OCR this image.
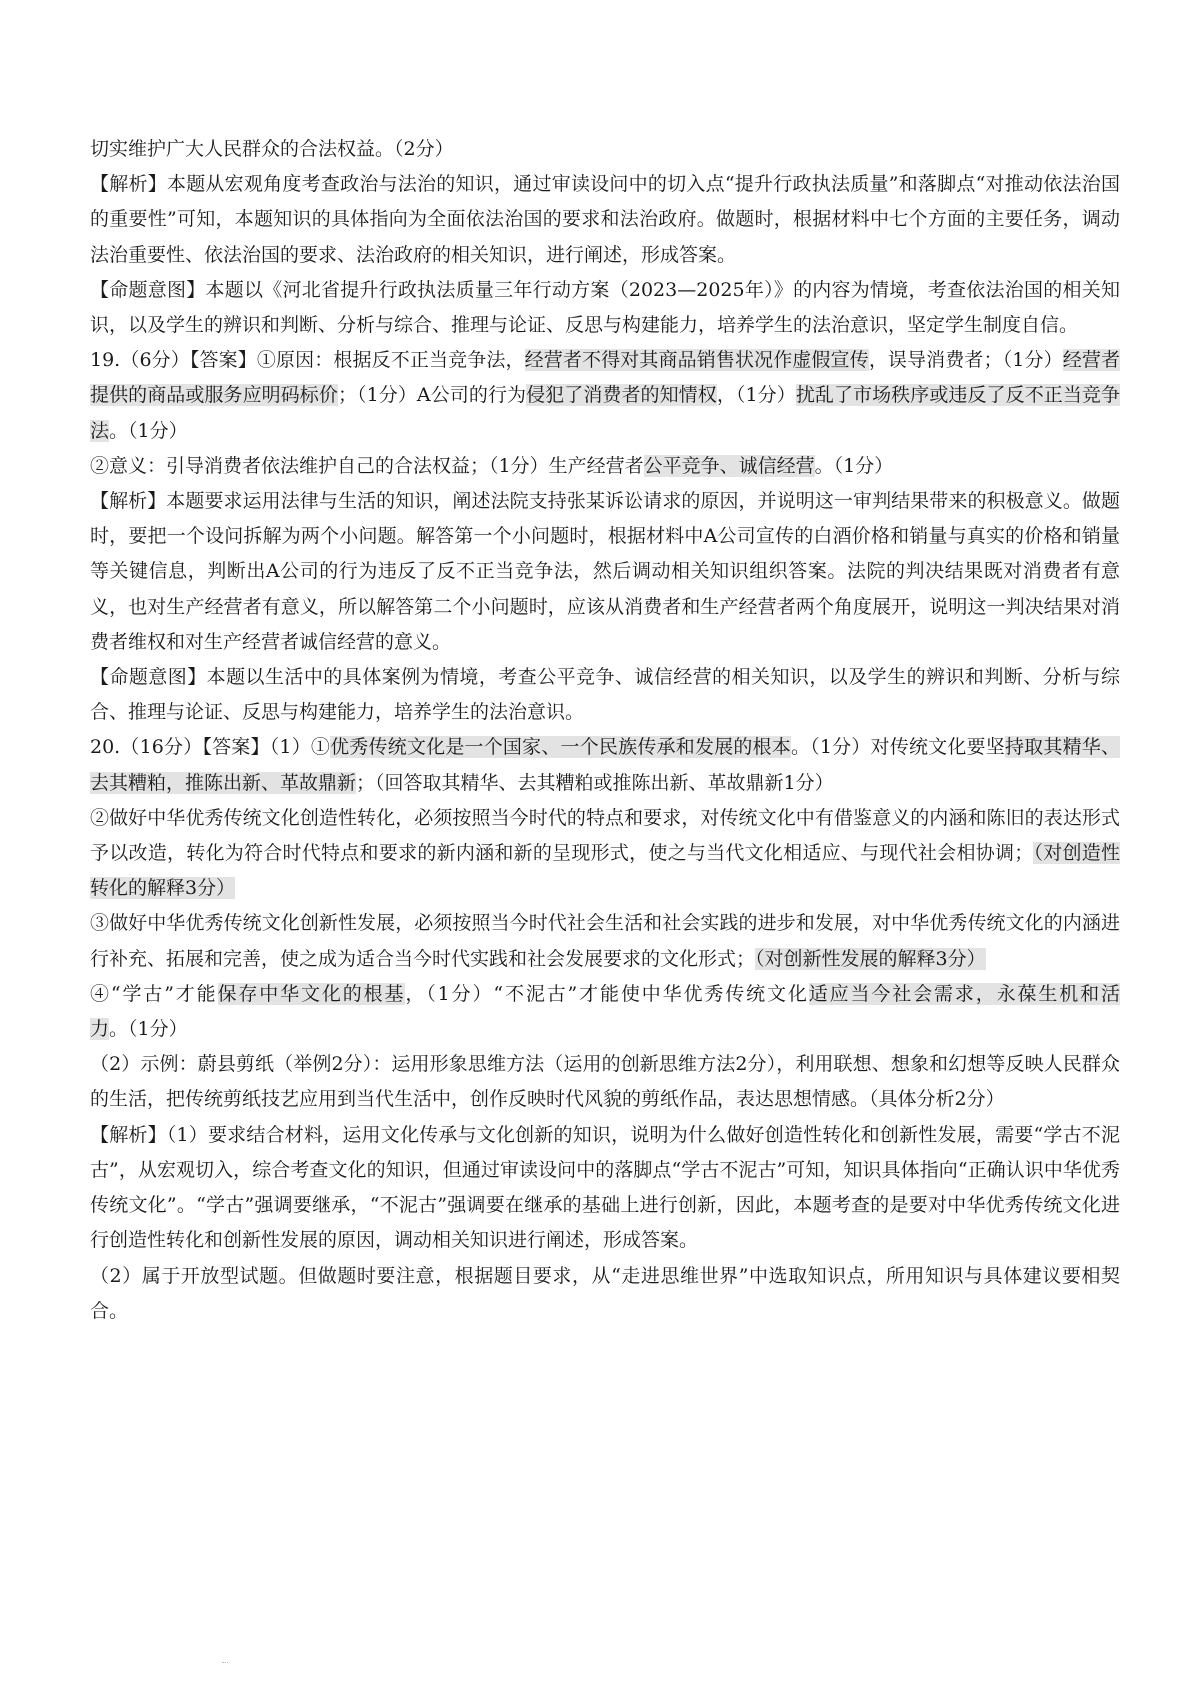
切实维护广大人民群众的合法权益。（2分）

【解析】本题从宏观角度考查政治与法治的知识，通过审读设问中的切入点“提升行政执法质量”和落脚点“对推动依法治国的重要性”可知，本题知识的具体指向为全面依法治国的要求和法治政府。做题时，根据材料中七个方面的主要任务，调动法治重要性、依法治国的要求、法治政府的相关知识，进行阐述，形成答案。

【命题意图】本题以《河北省提升行政执法质量三年行动方案（2023—2025年）》的内容为情境，考查依法治国的相关知识，以及学生的辨识和判断、分析与综合、推理与论证、反思与构建能力，培养学生的法治意识，坚定学生制度自信。

19.（6分）【答案】①原因：根据反不正当竞争法，经营者不得对其商品销售状况作虚假宣传，误导消费者；（1分）经营者提供的商品或服务应明码标价；（1分）A公司的行为侵犯了消费者的知情权，（1分）扰乱了市场秩序或违反了反不正当竞争法。（1分）

②意义：引导消费者依法维护自己的合法权益；（1分）生产经营者公平竞争、诚信经营。（1分）

【解析】本题要求运用法律与生活的知识，阐述法院支持张某诉讼请求的原因，并说明这一审判结果带来的积极意义。做题时，要把一个设问拆解为两个小问题。解答第一个小问题时，根据材料中A公司宣传的白酒价格和销量与真实的价格和销量等关键信息，判断出A公司的行为违反了反不正当竞争法，然后调动相关知识组织答案。法院的判决结果既对消费者有意义，也对生产经营者有意义，所以解答第二个小问题时，应该从消费者和生产经营者两个角度展开，说明这一判决结果对消费者维权和对生产经营者诚信经营的意义。

【命题意图】本题以生活中的具体案例为情境，考查公平竞争、诚信经营的相关知识，以及学生的辨识和判断、分析与综合、推理与论证、反思与构建能力，培养学生的法治意识。

20.（16分）【答案】（1）①优秀传统文化是一个国家、一个民族传承和发展的根本。（1分）对传统文化要坚持取其精华、去其糟粕，推陈出新、革故鼎新；（回答取其精华、去其糟粕或推陈出新、革故鼎新1分）

②做好中华优秀传统文化创造性转化，必须按照当今时代的特点和要求，对传统文化中有借鉴意义的内涵和陈旧的表达形式予以改造，转化为符合时代特点和要求的新内涵和新的呈现形式，使之与当代文化相适应、与现代社会相协调；（对创造性转化的解释3分）

③做好中华优秀传统文化创新性发展，必须按照当今时代社会生活和社会实践的进步和发展，对中华优秀传统文化的内涵进行补充、拓展和完善，使之成为适合当今时代实践和社会发展要求的文化形式；（对创新性发展的解释3分）

④“学古”才能保存中华文化的根基，（1分）“不泥古”才能使中华优秀传统文化适应当今社会需求，永葆生机和活力。（1分）

（2）示例：蔚县剪纸（举例2分）：运用形象思维方法（运用的创新思维方法2分），利用联想、想象和幻想等反映人民群众的生活，把传统剪纸技艺应用到当代生活中，创作反映时代风貌的剪纸作品，表达思想情感。（具体分析2分）

【解析】（1）要求结合材料，运用文化传承与文化创新的知识，说明为什么做好创造性转化和创新性发展，需要“学古不泥古”，从宏观切入，综合考查文化的知识，但通过审读设问中的落脚点“学古不泥古”可知，知识具体指向“正确认识中华优秀传统文化”。“学古”强调要继承，“不泥古”强调要在继承的基础上进行创新，因此，本题考查的是要对中华优秀传统文化进行创造性转化和创新性发展的原因，调动相关知识进行阐述，形成答案。

（2）属于开放型试题。但做题时要注意，根据题目要求，从“走进思维世界”中选取知识点，所用知识与具体建议要相契合。
